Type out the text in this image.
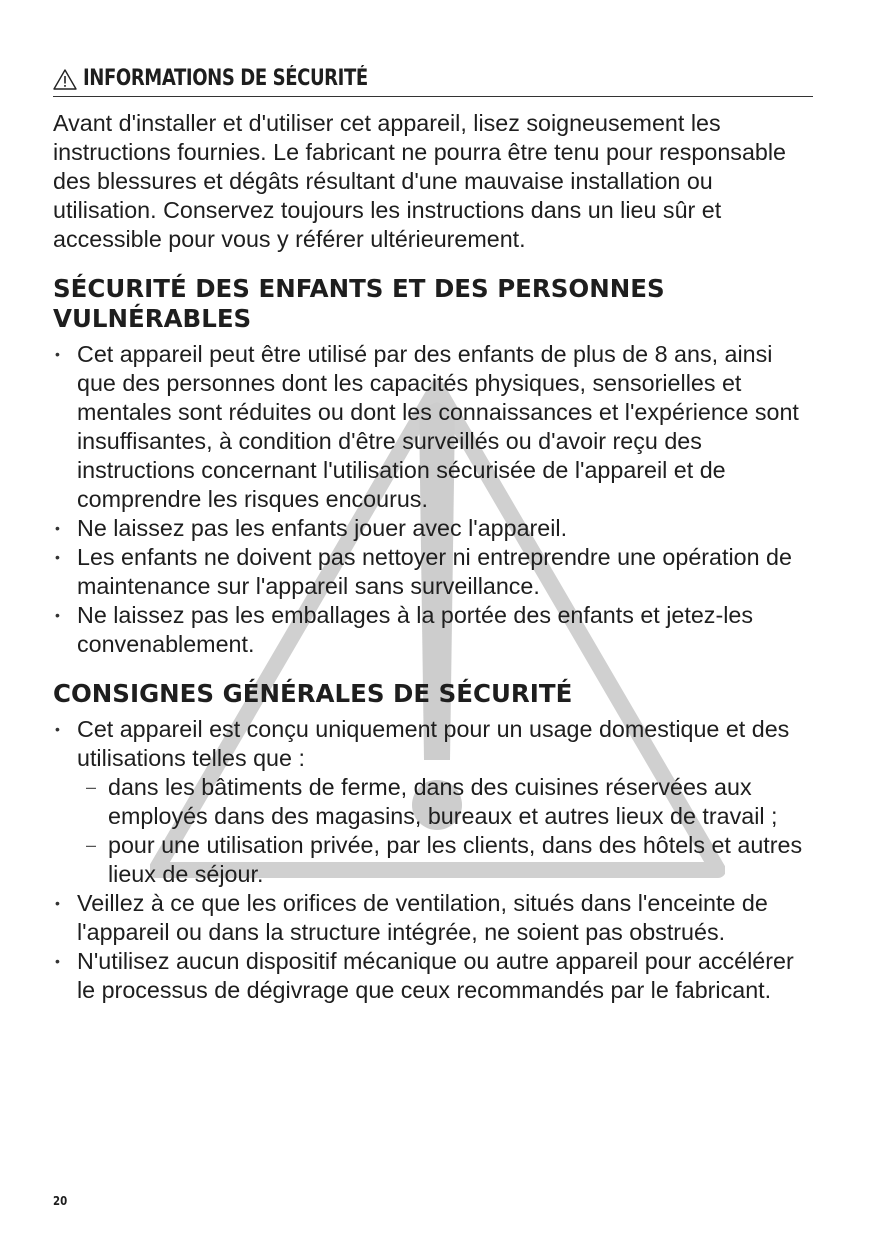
INFORMATIONS DE SÉCURITÉ

Avant d'installer et d'utiliser cet appareil, lisez soigneusement les instructions fournies. Le fabricant ne pourra être tenu pour responsable des blessures et dégâts résultant d'une mauvaise installation ou utilisation. Conservez toujours les instructions dans un lieu sûr et accessible pour vous y référer ultérieurement.

SÉCURITÉ DES ENFANTS ET DES PERSONNES VULNÉRABLES
• Cet appareil peut être utilisé par des enfants de plus de 8 ans, ainsi que des personnes dont les capacités physiques, sensorielles et mentales sont réduites ou dont les connaissances et l'expérience sont insuffisantes, à condition d'être surveillés ou d'avoir reçu des instructions concernant l'utilisation sécurisée de l'appareil et de comprendre les risques encourus.
• Ne laissez pas les enfants jouer avec l'appareil.
• Les enfants ne doivent pas nettoyer ni entreprendre une opération de maintenance sur l'appareil sans surveillance.
• Ne laissez pas les emballages à la portée des enfants et jetez-les convenablement.
CONSIGNES GÉNÉRALES DE SÉCURITÉ
• Cet appareil est conçu uniquement pour un usage domestique et des utilisations telles que :
– dans les bâtiments de ferme, dans des cuisines réservées aux employés dans des magasins, bureaux et autres lieux de travail ;
– pour une utilisation privée, par les clients, dans des hôtels et autres lieux de séjour.
• Veillez à ce que les orifices de ventilation, situés dans l'enceinte de l'appareil ou dans la structure intégrée, ne soient pas obstrués.
• N'utilisez aucun dispositif mécanique ou autre appareil pour accélérer le processus de dégivrage que ceux recommandés par le fabricant.
20
